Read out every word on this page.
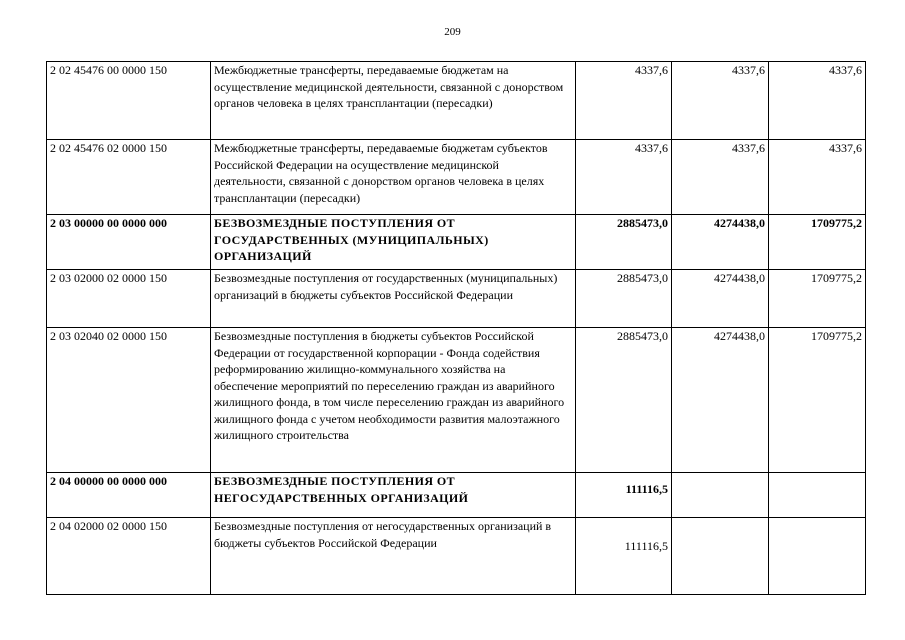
209
2 02 45476 00 0000 150	Межбюджетные трансферты, передаваемые бюджетам на осуществление медицинской деятельности, связанной с донорством органов человека в целях трансплантации (пересадки)	4337,6	4337,6	4337,6
2 02 45476 02 0000 150	Межбюджетные трансферты, передаваемые бюджетам субъектов Российской Федерации на осуществление медицинской деятельности, связанной с донорством органов человека в целях трансплантации (пересадки)	4337,6	4337,6	4337,6
2 03 00000 00 0000 000	БЕЗВОЗМЕЗДНЫЕ ПОСТУПЛЕНИЯ ОТ ГОСУДАРСТВЕННЫХ (МУНИЦИПАЛЬНЫХ) ОРГАНИЗАЦИЙ	2885473,0	4274438,0	1709775,2
2 03 02000 02 0000 150	Безвозмездные поступления от государственных (муниципальных) организаций в бюджеты субъектов Российской Федерации	2885473,0	4274438,0	1709775,2
2 03 02040 02 0000 150	Безвозмездные поступления в бюджеты субъектов Российской Федерации от государственной корпорации - Фонда содействия реформированию жилищно-коммунального хозяйства на обеспечение мероприятий по переселению граждан из аварийного жилищного фонда, в том числе переселению граждан из аварийного жилищного фонда с учетом необходимости развития малоэтажного жилищного строительства	2885473,0	4274438,0	1709775,2
2 04 00000 00 0000 000	БЕЗВОЗМЕЗДНЫЕ ПОСТУПЛЕНИЯ ОТ НЕГОСУДАРСТВЕННЫХ ОРГАНИЗАЦИЙ	111116,5		
2 04 02000 02 0000 150	Безвозмездные поступления от негосударственных организаций в бюджеты субъектов Российской Федерации	111116,5		
